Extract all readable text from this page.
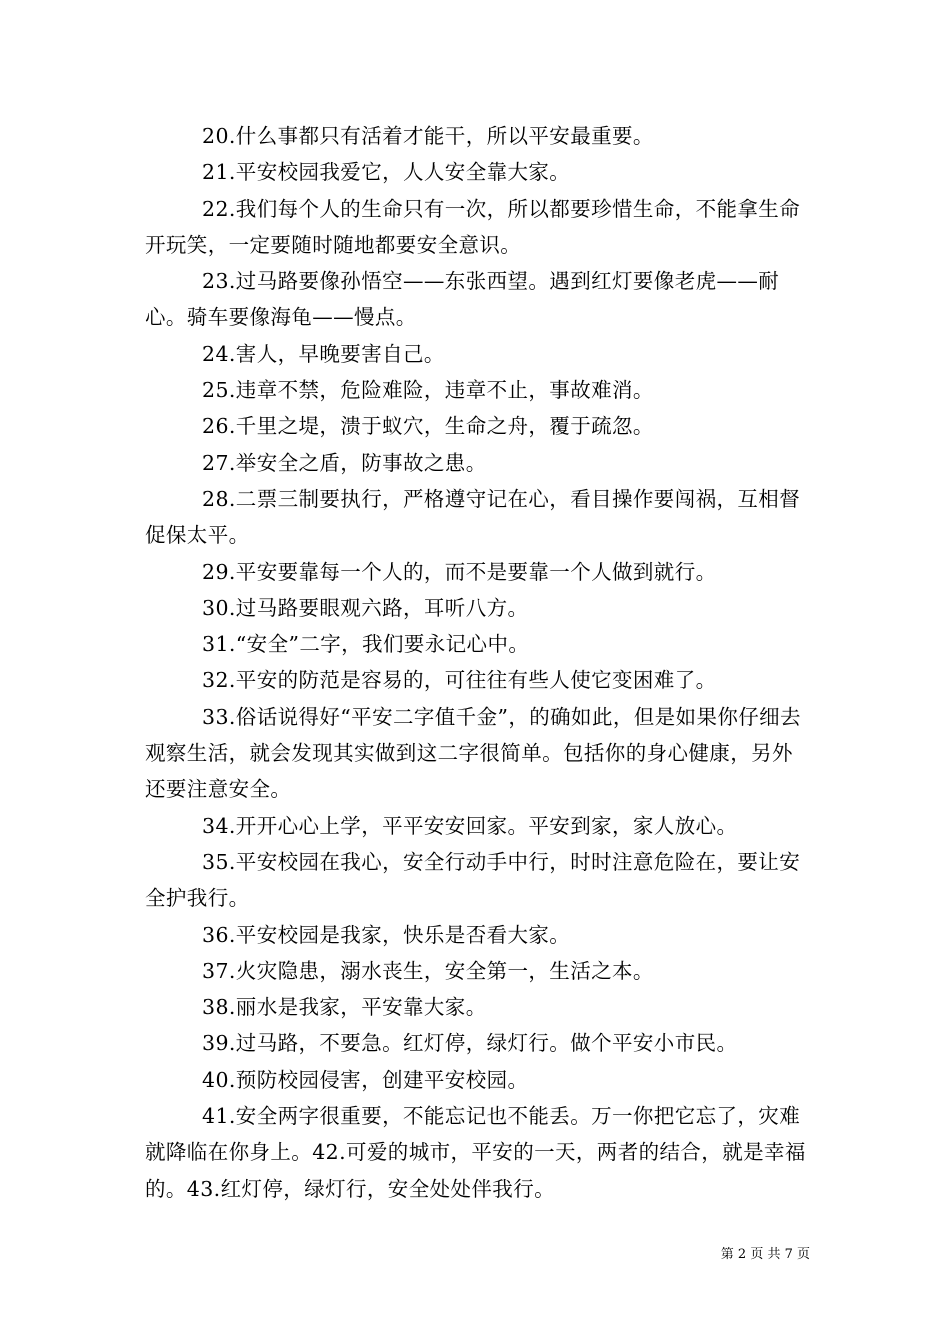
20.什么事都只有活着才能干，所以平安最重要。

21.平安校园我爱它，人人安全靠大家。

22.我们每个人的生命只有一次，所以都要珍惜生命，不能拿生命开玩笑，一定要随时随地都要安全意识。

23.过马路要像孙悟空——东张西望。遇到红灯要像老虎——耐心。骑车要像海龟——慢点。

24.害人，早晚要害自己。

25.违章不禁，危险难险，违章不止，事故难消。

26.千里之堤，溃于蚁穴，生命之舟，覆于疏忽。

27.举安全之盾，防事故之患。

28.二票三制要执行，严格遵守记在心，看目操作要闯祸，互相督促保太平。

29.平安要靠每一个人的，而不是要靠一个人做到就行。

30.过马路要眼观六路，耳听八方。

31.“安全”二字，我们要永记心中。

32.平安的防范是容易的，可往往有些人使它变困难了。

33.俗话说得好“平安二字值千金”，的确如此，但是如果你仔细去观察生活，就会发现其实做到这二字很简单。包括你的身心健康，另外还要注意安全。

34.开开心心上学，平平安安回家。平安到家，家人放心。

35.平安校园在我心，安全行动手中行，时时注意危险在，要让安全护我行。

36.平安校园是我家，快乐是否看大家。

37.火灾隐患，溺水丧生，安全第一，生活之本。

38.丽水是我家，平安靠大家。

39.过马路，不要急。红灯停，绿灯行。做个平安小市民。

40.预防校园侵害，创建平安校园。

41.安全两字很重要，不能忘记也不能丢。万一你把它忘了，灾难就降临在你身上。42.可爱的城市，平安的一天，两者的结合，就是幸福的。43.红灯停，绿灯行，安全处处伴我行。

第 2 页 共 7 页
